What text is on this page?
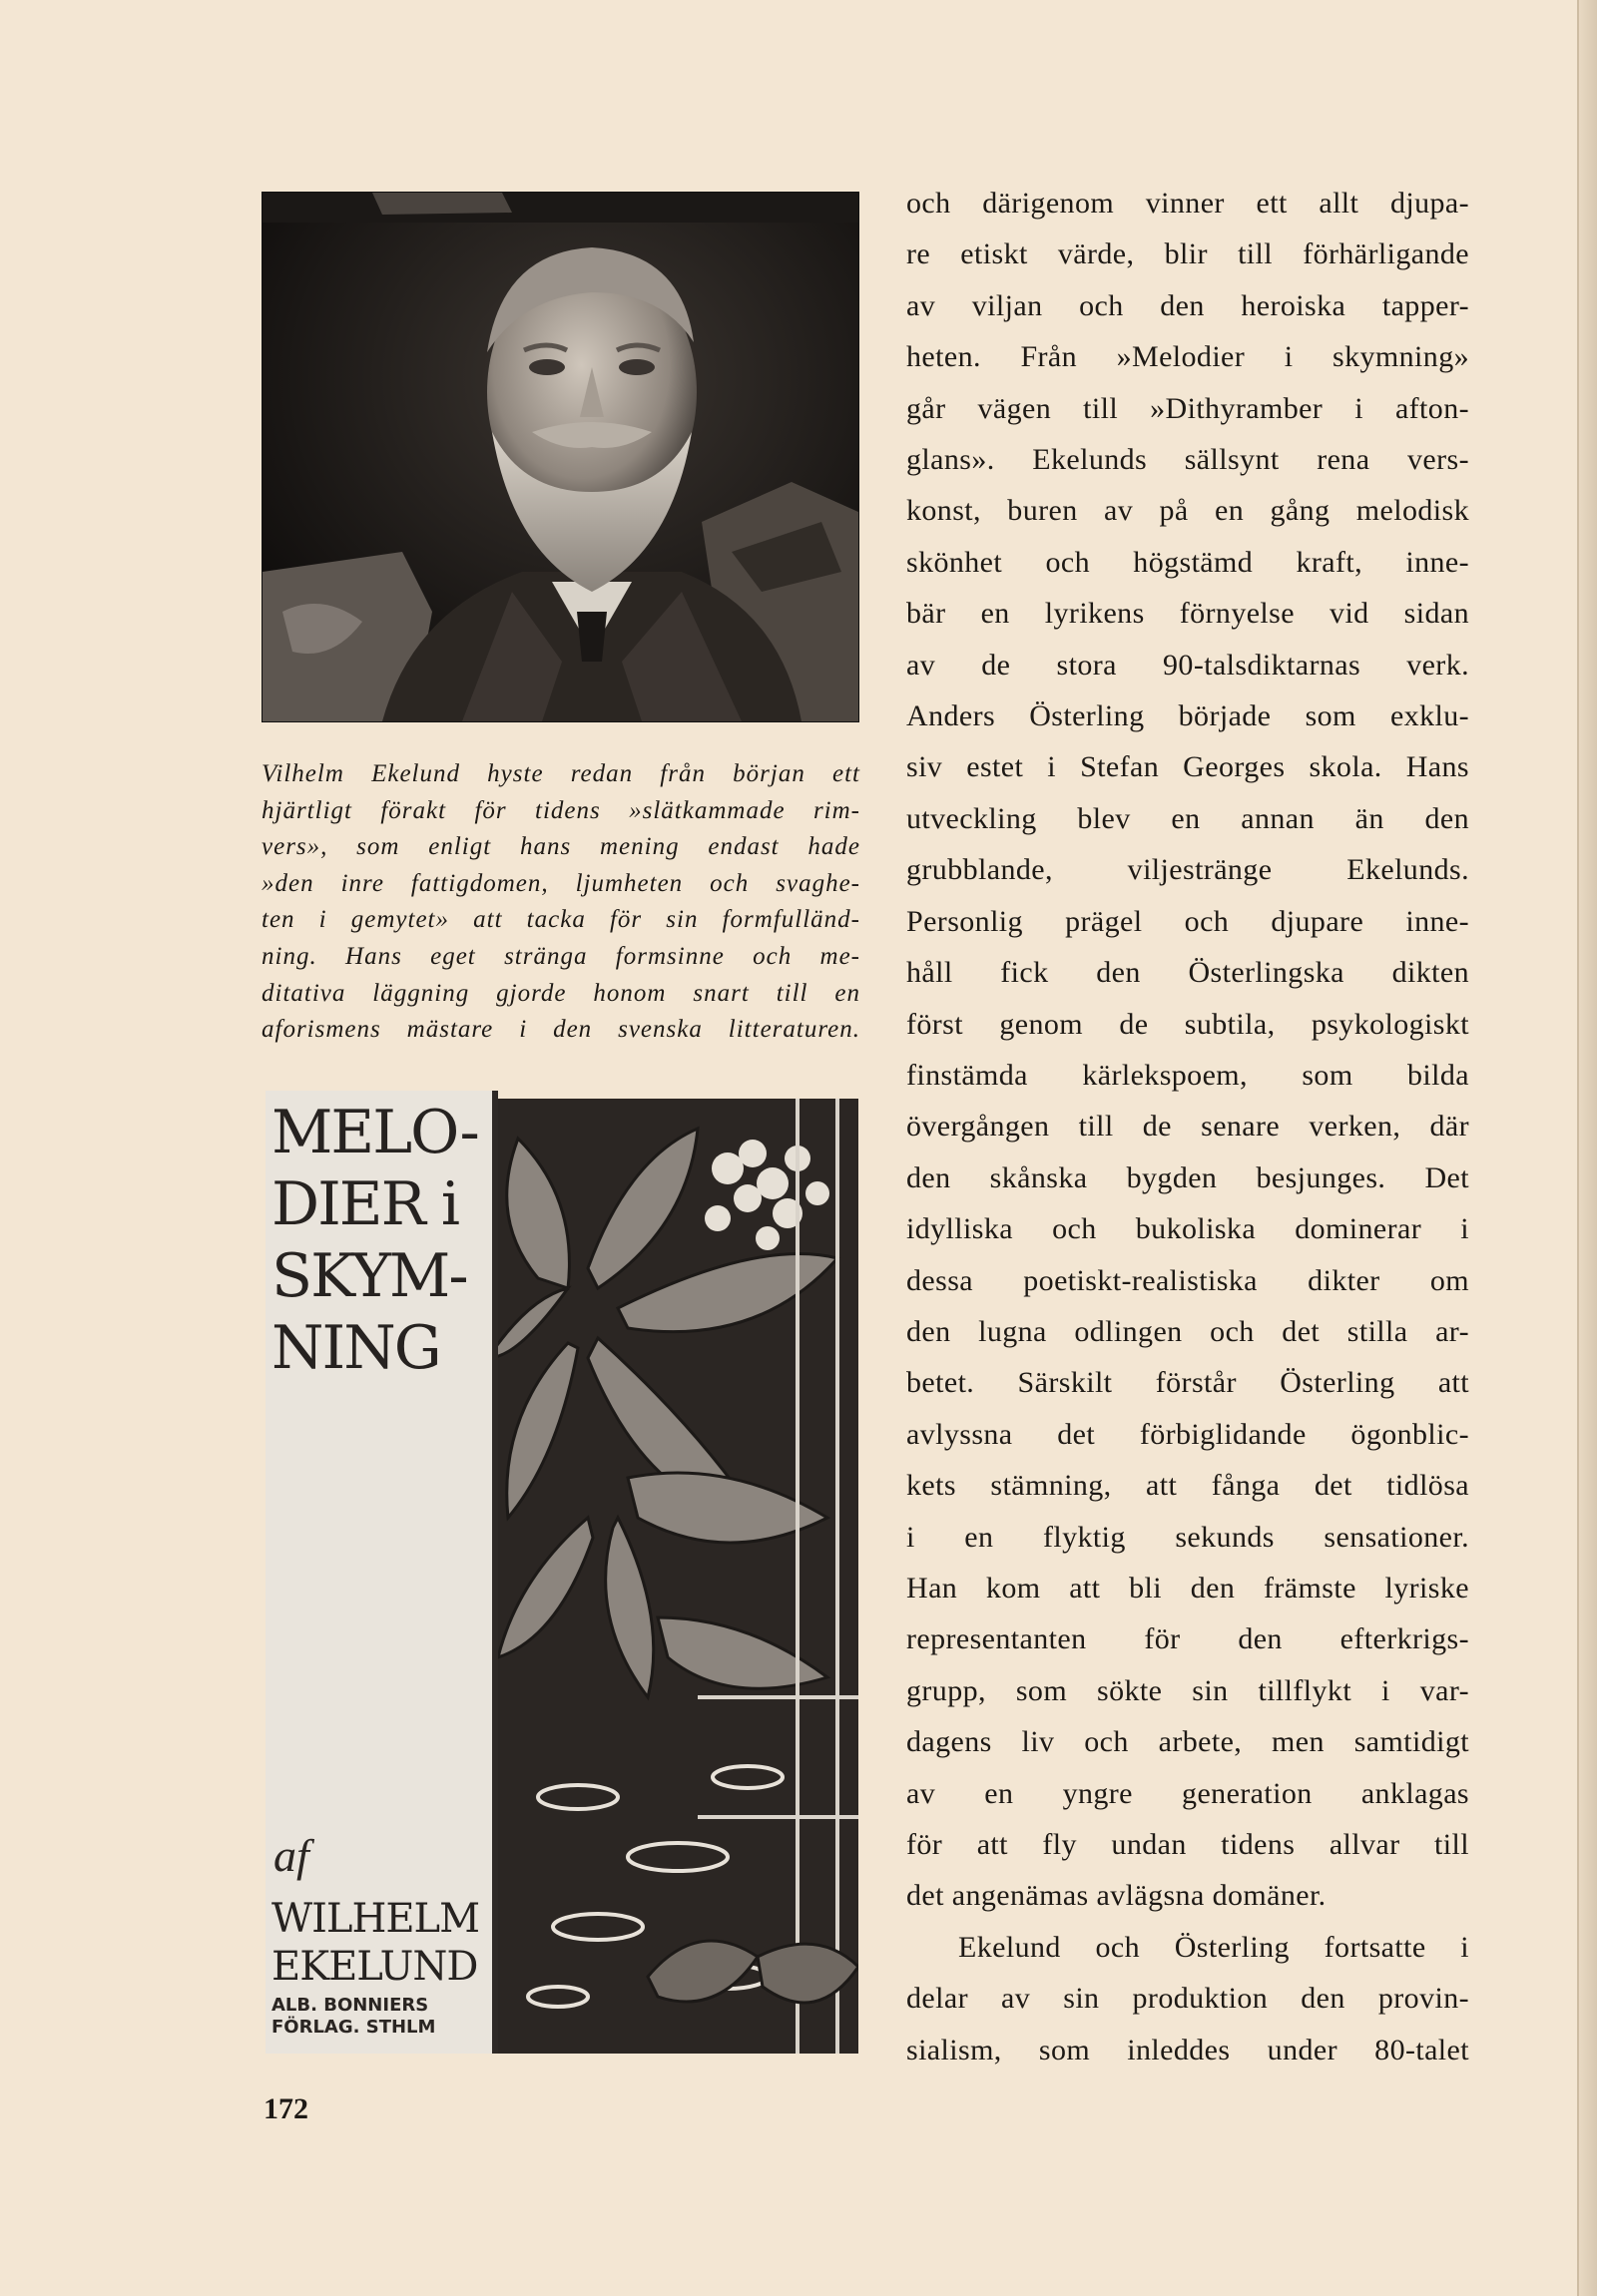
Vilhelm Ekelund hyste redan från början ett
hjärtligt förakt för tidens »slätkammade rim-
vers», som enligt hans mening endast hade
»den inre fattigdomen, ljumheten och svaghe-
ten i gemytet» att tacka för sin formfulländ-
ning. Hans eget stränga formsinne och me-
ditativa läggning gjorde honom snart till en
aforismens mästare i den svenska litteraturen.
MELO-
DIER i
SKYM-
NING
af
WILHELM
EKELUND
ALB. BONNIERS
FÖRLAG. STHLM
och därigenom vinner ett allt djupa-
re etiskt värde, blir till förhärligande
av viljan och den heroiska tapper-
heten. Från »Melodier i skymning»
går vägen till »Dithyramber i afton-
glans». Ekelunds sällsynt rena vers-
konst, buren av på en gång melodisk
skönhet och högstämd kraft, inne-
bär en lyrikens förnyelse vid sidan
av de stora 90-talsdiktarnas verk.
Anders Österling började som exklu-
siv estet i Stefan Georges skola. Hans
utveckling blev en annan än den
grubblande, viljestränge Ekelunds.
Personlig prägel och djupare inne-
håll fick den Österlingska dikten
först genom de subtila, psykologiskt
finstämda kärlekspoem, som bilda
övergången till de senare verken, där
den skånska bygden besjunges. Det
idylliska och bukoliska dominerar i
dessa poetiskt-realistiska dikter om
den lugna odlingen och det stilla ar-
betet. Särskilt förstår Österling att
avlyssna det förbiglidande ögonblic-
kets stämning, att fånga det tidlösa
i en flyktig sekunds sensationer.
Han kom att bli den främste lyriske
representanten för den efterkrigs-
grupp, som sökte sin tillflykt i var-
dagens liv och arbete, men samtidigt
av en yngre generation anklagas
för att fly undan tidens allvar till
det angenämas avlägsna domäner.
Ekelund och Österling fortsatte i
delar av sin produktion den provin-
sialism, som inleddes under 80-talet
172
